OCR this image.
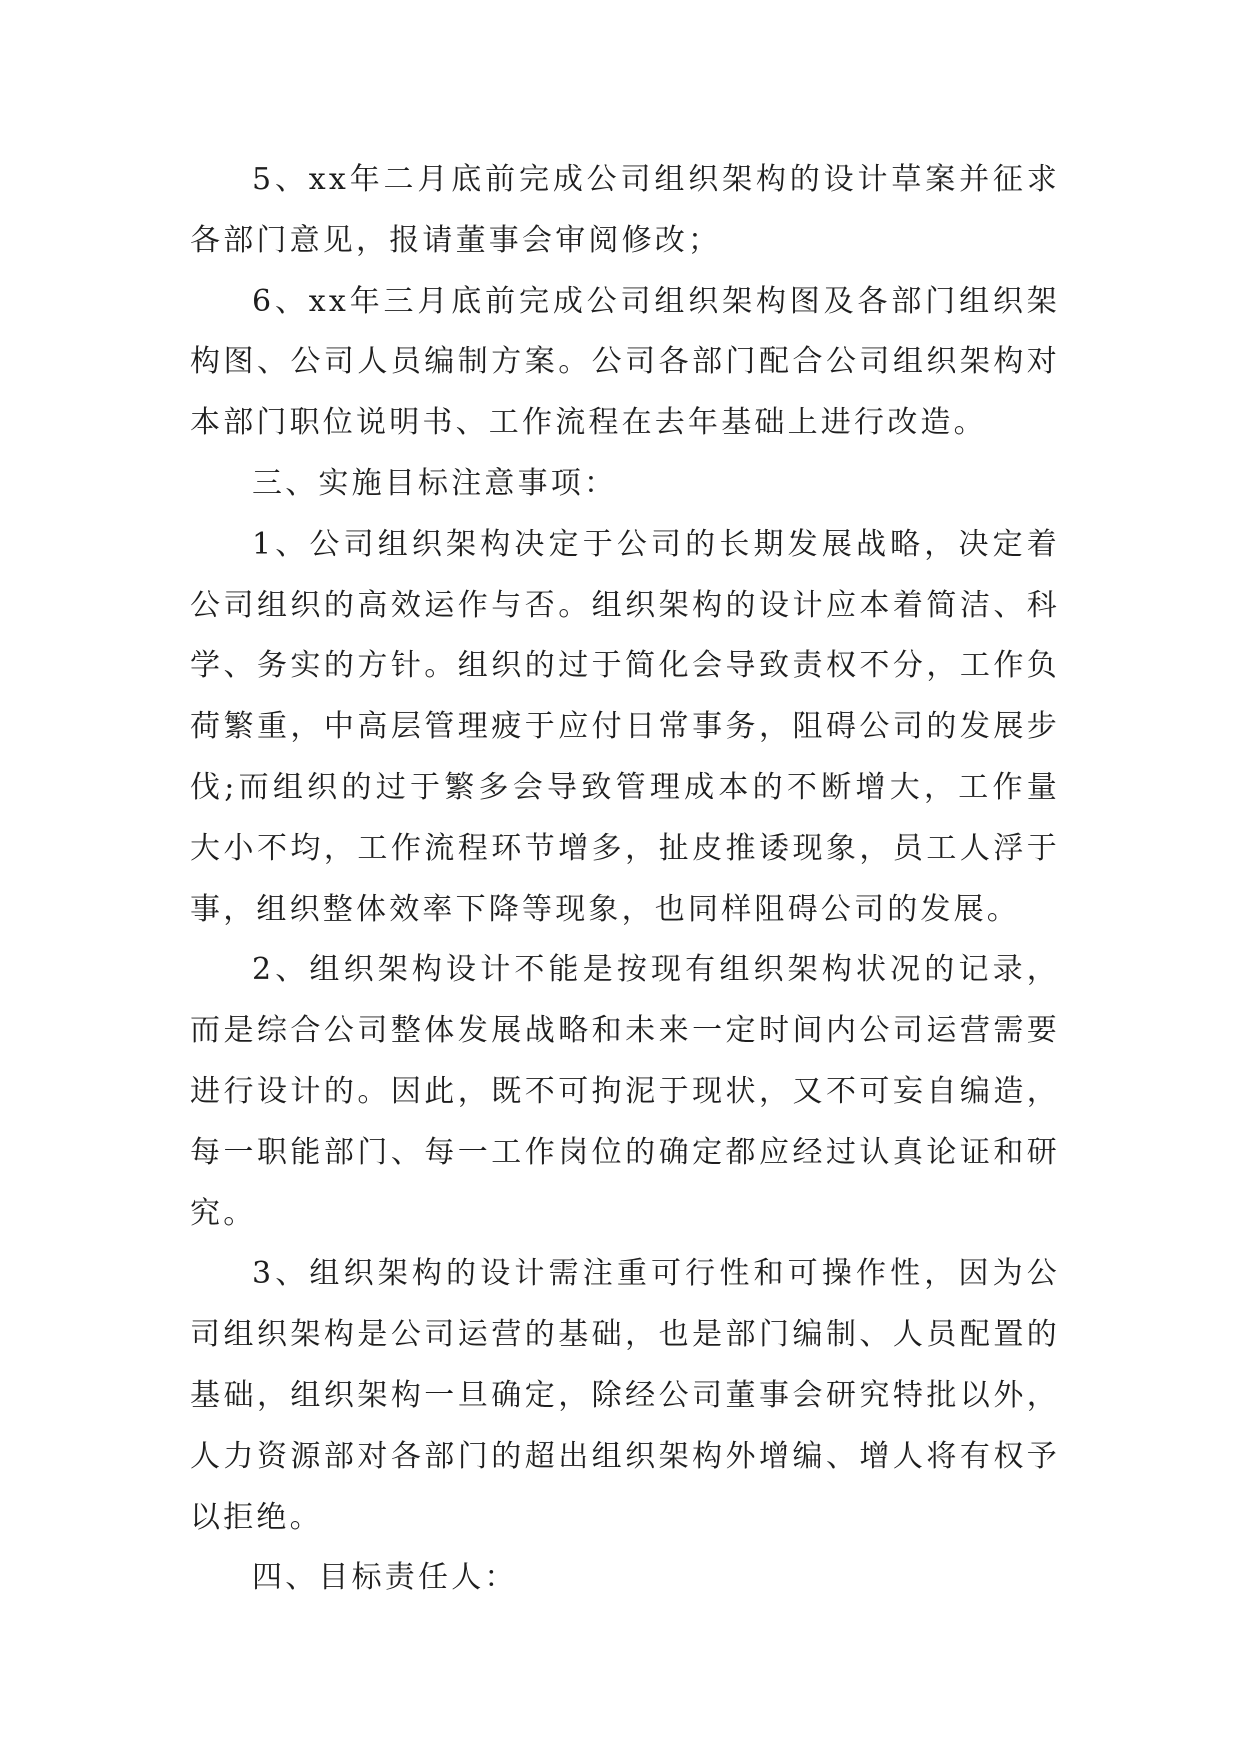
5、xx年二月底前完成公司组织架构的设计草案并征求各部门意见，报请董事会审阅修改；

6、xx年三月底前完成公司组织架构图及各部门组织架构图、公司人员编制方案。公司各部门配合公司组织架构对本部门职位说明书、工作流程在去年基础上进行改造。

三、实施目标注意事项：

1、公司组织架构决定于公司的长期发展战略，决定着公司组织的高效运作与否。组织架构的设计应本着简洁、科学、务实的方针。组织的过于简化会导致责权不分，工作负荷繁重，中高层管理疲于应付日常事务，阻碍公司的发展步伐;而组织的过于繁多会导致管理成本的不断增大，工作量大小不均，工作流程环节增多，扯皮推诿现象，员工人浮于事，组织整体效率下降等现象，也同样阻碍公司的发展。

2、组织架构设计不能是按现有组织架构状况的记录，而是综合公司整体发展战略和未来一定时间内公司运营需要进行设计的。因此，既不可拘泥于现状，又不可妄自编造，每一职能部门、每一工作岗位的确定都应经过认真论证和研究。

3、组织架构的设计需注重可行性和可操作性，因为公司组织架构是公司运营的基础，也是部门编制、人员配置的基础，组织架构一旦确定，除经公司董事会研究特批以外，人力资源部对各部门的超出组织架构外增编、增人将有权予以拒绝。

四、目标责任人：
